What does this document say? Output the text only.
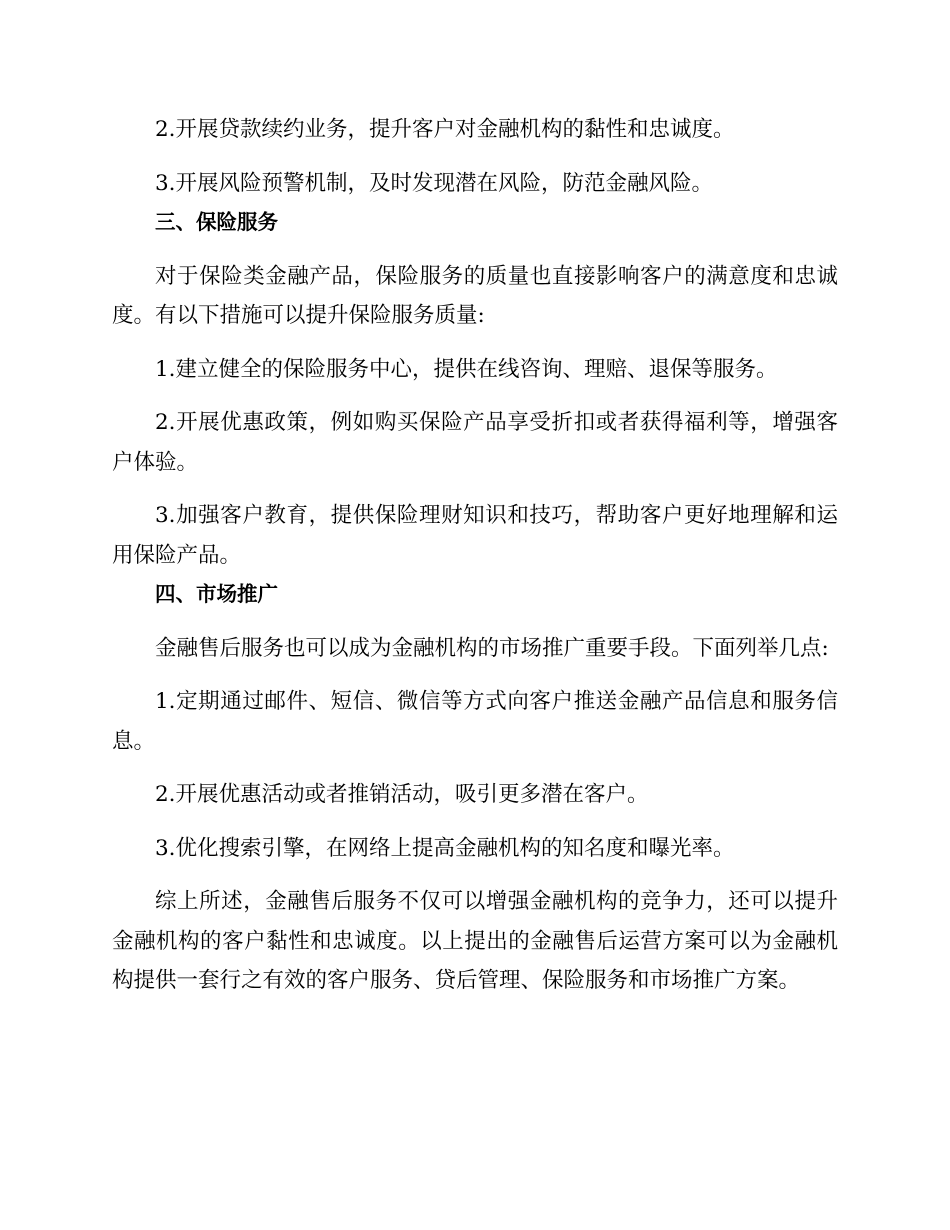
2.开展贷款续约业务，提升客户对金融机构的黏性和忠诚度。

3.开展风险预警机制，及时发现潜在风险，防范金融风险。

三、保险服务

对于保险类金融产品，保险服务的质量也直接影响客户的满意度和忠诚度。有以下措施可以提升保险服务质量:

1.建立健全的保险服务中心，提供在线咨询、理赔、退保等服务。

2.开展优惠政策，例如购买保险产品享受折扣或者获得福利等，增强客户体验。

3.加强客户教育，提供保险理财知识和技巧，帮助客户更好地理解和运用保险产品。

四、市场推广

金融售后服务也可以成为金融机构的市场推广重要手段。下面列举几点:

1.定期通过邮件、短信、微信等方式向客户推送金融产品信息和服务信息。

2.开展优惠活动或者推销活动，吸引更多潜在客户。

3.优化搜索引擎，在网络上提高金融机构的知名度和曝光率。

综上所述，金融售后服务不仅可以增强金融机构的竞争力，还可以提升金融机构的客户黏性和忠诚度。以上提出的金融售后运营方案可以为金融机构提供一套行之有效的客户服务、贷后管理、保险服务和市场推广方案。
